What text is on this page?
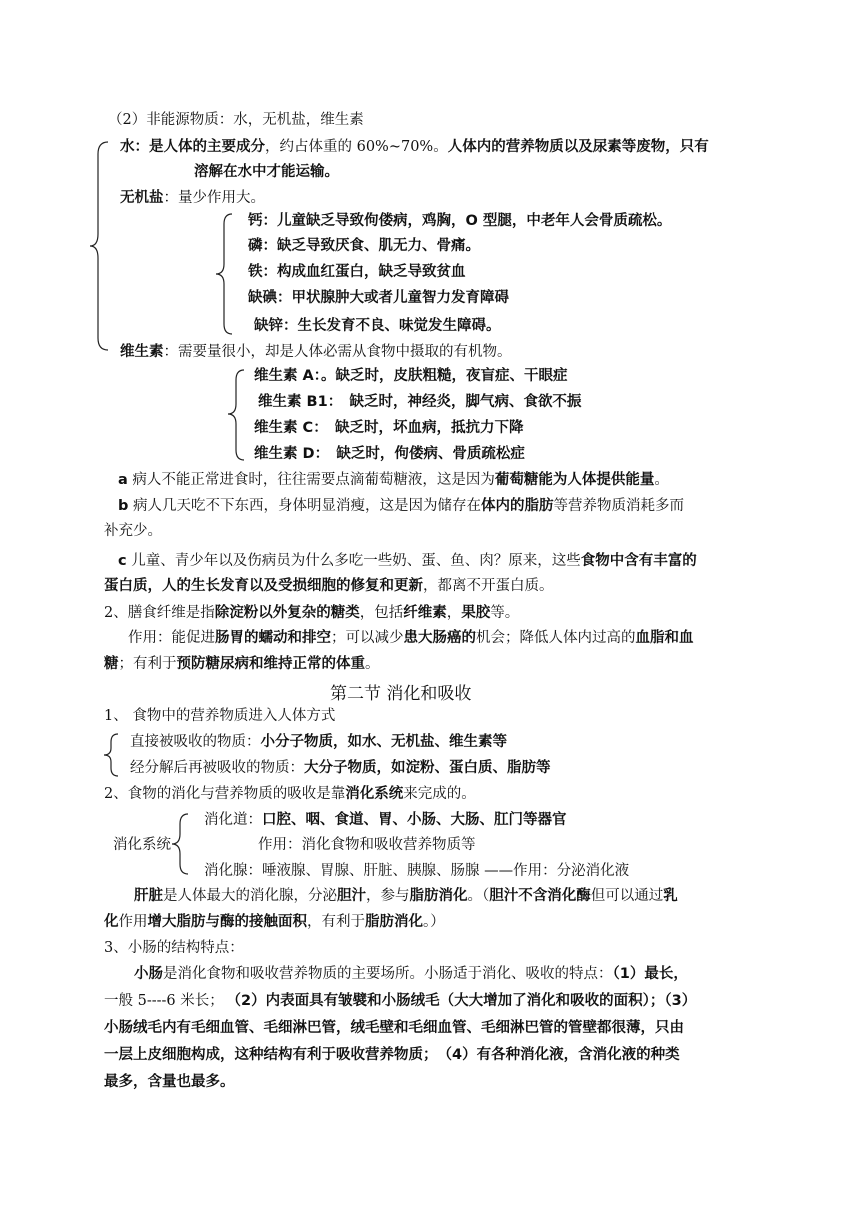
（2）非能源物质：水，无机盐，维生素
水：是人体的主要成分，约占体重的 60%~70%。人体内的营养物质以及尿素等废物，只有
溶解在水中才能运输。
无机盐：量少作用大。
钙：儿童缺乏导致佝偻病，鸡胸，O 型腿，中老年人会骨质疏松。
磷：缺乏导致厌食、肌无力、骨痛。
铁：构成血红蛋白，缺乏导致贫血
缺碘：甲状腺肿大或者儿童智力发育障碍
缺锌：生长发育不良、味觉发生障碍。
维生素：需要量很小，却是人体必需从食物中摄取的有机物。
维生素 A：。缺乏时，皮肤粗糙，夜盲症、干眼症
维生素 B1：　缺乏时，神经炎，脚气病、食欲不振
维生素 C：　缺乏时，坏血病，抵抗力下降
维生素 D：　缺乏时，佝偻病、骨质疏松症
a 病人不能正常进食时，往往需要点滴葡萄糖液，这是因为葡萄糖能为人体提供能量。
b 病人几天吃不下东西，身体明显消瘦，这是因为储存在体内的脂肪等营养物质消耗多而
补充少。
c 儿童、青少年以及伤病员为什么多吃一些奶、蛋、鱼、肉？原来，这些食物中含有丰富的
蛋白质，人的生长发育以及受损细胞的修复和更新，都离不开蛋白质。
2、膳食纤维是指除淀粉以外复杂的糖类，包括纤维素，果胶等。
作用：能促进肠胃的蠕动和排空；可以减少患大肠癌的机会；降低人体内过高的血脂和血
糖；有利于预防糖尿病和维持正常的体重。
第二节 消化和吸收
1、 食物中的营养物质进入人体方式
直接被吸收的物质：小分子物质，如水、无机盐、维生素等
经分解后再被吸收的物质：大分子物质，如淀粉、蛋白质、脂肪等
2、食物的消化与营养物质的吸收是靠消化系统来完成的。
消化系统
消化道：口腔、咽、食道、胃、小肠、大肠、肛门等器官
作用：消化食物和吸收营养物质等
消化腺：唾液腺、胃腺、肝脏、胰腺、肠腺 ——作用：分泌消化液
肝脏是人体最大的消化腺，分泌胆汁，参与脂肪消化。（胆汁不含消化酶但可以通过乳
化作用增大脂肪与酶的接触面积，有利于脂肪消化。）
3、小肠的结构特点：
小肠是消化食物和吸收营养物质的主要场所。小肠适于消化、吸收的特点：（1）最长，
一般 5----6 米长； （2）内表面具有皱襞和小肠绒毛（大大增加了消化和吸收的面积）；（3）
小肠绒毛内有毛细血管、毛细淋巴管，绒毛壁和毛细血管、毛细淋巴管的管壁都很薄，只由
一层上皮细胞构成，这种结构有利于吸收营养物质；　（4）有各种消化液，含消化液的种类
最多，含量也最多。
